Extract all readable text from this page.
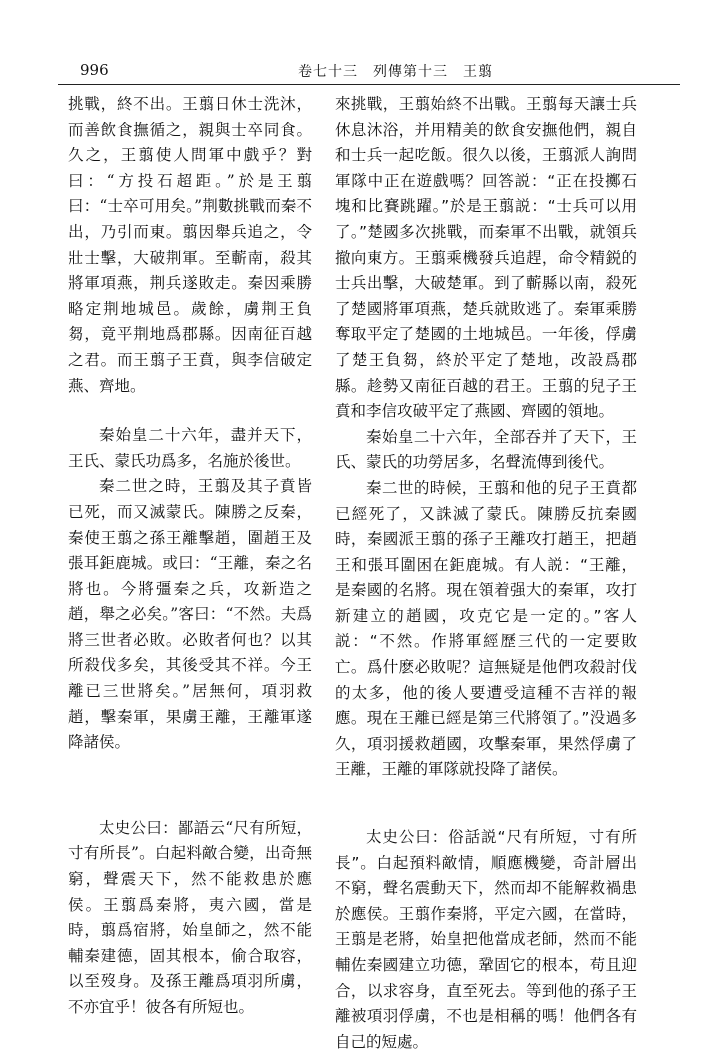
996	卷七十三　列傳第十三　王翦

挑戰，終不出。王翦日休士洗沐，而善飲食撫循之，親與士卒同食。久之，王翦使人問軍中戲乎？對曰：“方投石超距。”於是王翦曰：“士卒可用矣。”荆數挑戰而秦不出，乃引而東。翦因舉兵追之，令壯士擊，大破荆軍。至蘄南，殺其將軍項燕，荆兵遂敗走。秦因乘勝略定荆地城邑。歲餘，虜荆王負芻，竟平荆地爲郡縣。因南征百越之君。而王翦子王賁，與李信破定燕、齊地。

秦始皇二十六年，盡并天下，王氏、蒙氏功爲多，名施於後世。

秦二世之時，王翦及其子賁皆已死，而又滅蒙氏。陳勝之反秦，秦使王翦之孫王離擊趙，圍趙王及張耳鉅鹿城。或曰：“王離，秦之名將也。今將彊秦之兵，攻新造之趙，舉之必矣。”客曰：“不然。夫爲將三世者必敗。必敗者何也？以其所殺伐多矣，其後受其不祥。今王離已三世將矣。”居無何，項羽救趙，擊秦軍，果虜王離，王離軍遂降諸侯。

太史公曰：鄙語云“尺有所短，寸有所長”。白起料敵合變，出奇無窮，聲震天下，然不能救患於應侯。王翦爲秦將，夷六國，當是時，翦爲宿將，始皇師之，然不能輔秦建德，固其根本，偷合取容，以至歿身。及孫王離爲項羽所虜，不亦宜乎！彼各有所短也。

來挑戰，王翦始終不出戰。王翦每天讓士兵休息沐浴，并用精美的飲食安撫他們，親自和士兵一起吃飯。很久以後，王翦派人詢問軍隊中正在遊戲嗎？回答説：“正在投擲石塊和比賽跳躍。”於是王翦説：“士兵可以用了。”楚國多次挑戰，而秦軍不出戰，就領兵撤向東方。王翦乘機發兵追趕，命令精鋭的士兵出擊，大破楚軍。到了蘄縣以南，殺死了楚國將軍項燕，楚兵就敗逃了。秦軍乘勝奪取平定了楚國的土地城邑。一年後，俘虜了楚王負芻，終於平定了楚地，改設爲郡縣。趁勢又南征百越的君王。王翦的兒子王賁和李信攻破平定了燕國、齊國的領地。

秦始皇二十六年，全部吞并了天下，王氏、蒙氏的功勞居多，名聲流傳到後代。

秦二世的時候，王翦和他的兒子王賁都已經死了，又誅滅了蒙氏。陳勝反抗秦國時，秦國派王翦的孫子王離攻打趙王，把趙王和張耳圍困在鉅鹿城。有人説：“王離，是秦國的名將。現在領着强大的秦軍，攻打新建立的趙國，攻克它是一定的。”客人説：“不然。作將軍經歷三代的一定要敗亡。爲什麽必敗呢？這無疑是他們攻殺討伐的太多，他的後人要遭受這種不吉祥的報應。現在王離已經是第三代將領了。”没過多久，項羽援救趙國，攻擊秦軍，果然俘虜了王離，王離的軍隊就投降了諸侯。

太史公曰：俗話説“尺有所短，寸有所長”。白起預料敵情，順應機變，奇計層出不窮，聲名震動天下，然而却不能解救禍患於應侯。王翦作秦將，平定六國，在當時，王翦是老將，始皇把他當成老師，然而不能輔佐秦國建立功德，鞏固它的根本，苟且迎合，以求容身，直至死去。等到他的孫子王離被項羽俘虜，不也是相稱的嗎！他們各有自己的短處。
